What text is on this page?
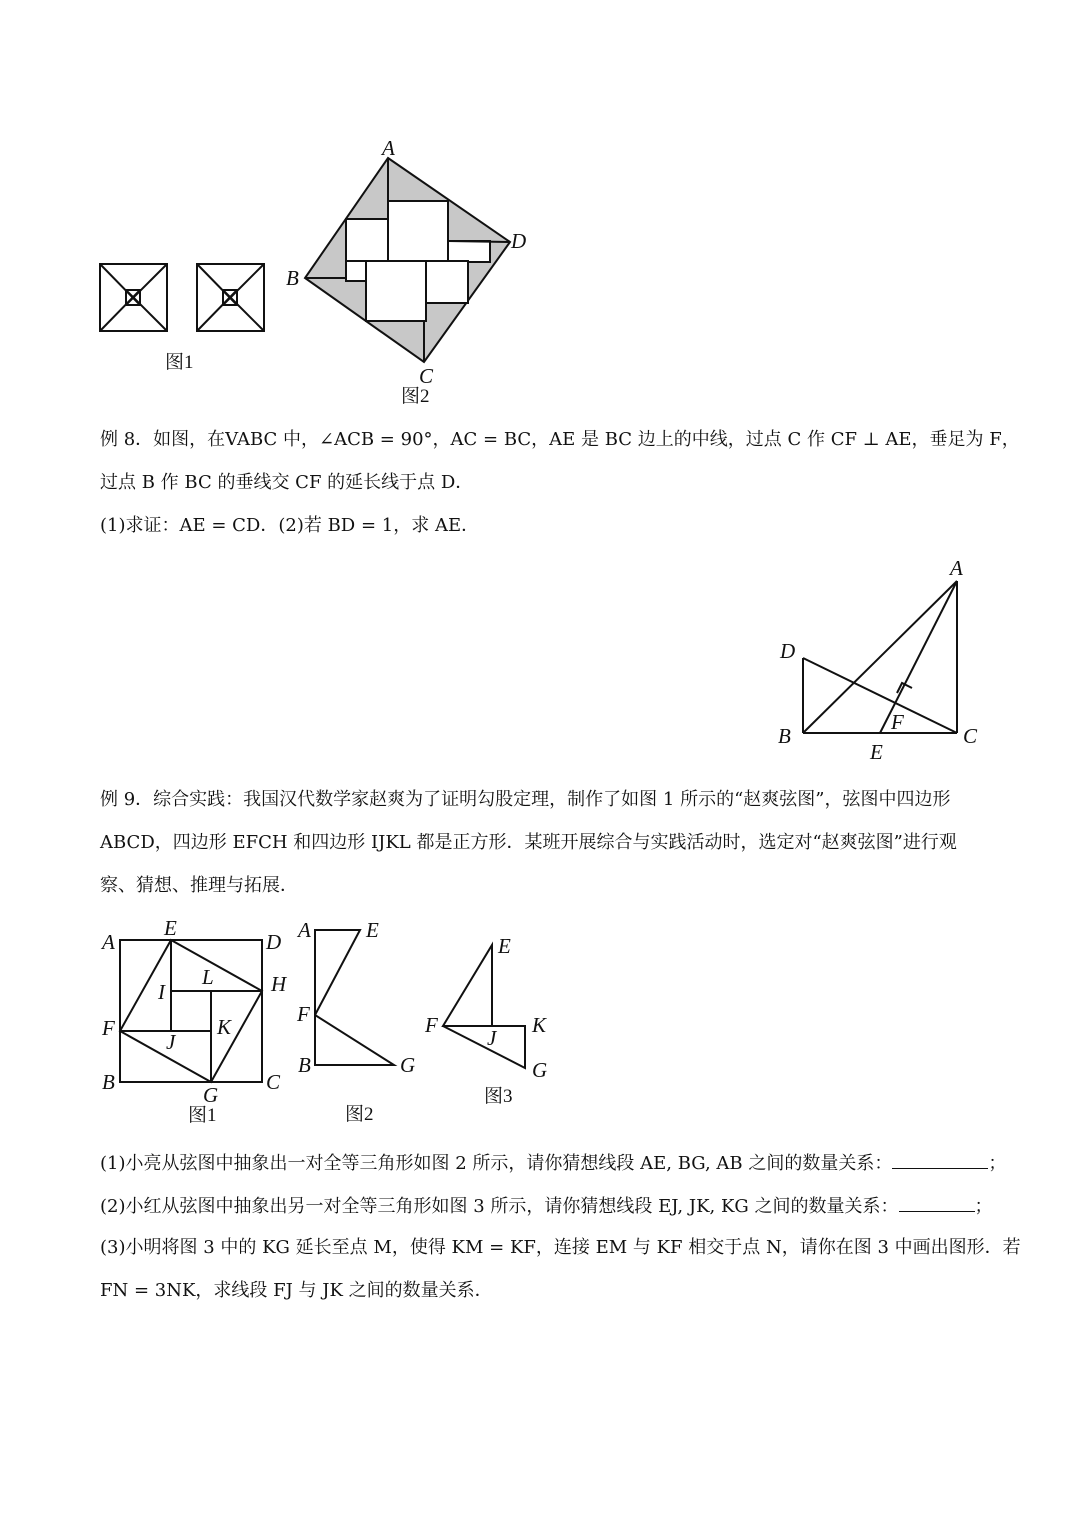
图1
A
D
B
C
图2
例 8．如图，在VABC 中，∠ACB = 90°，AC = BC，AE 是 BC 边上的中线，过点 C 作 CF ⊥ AE，垂足为 F，
过点 B 作 BC 的垂线交 CF 的延长线于点 D．
(1)求证：AE = CD．(2)若 BD = 1，求 AE．
A
D
B	C
E
F
例 9．综合实践：我国汉代数学家赵爽为了证明勾股定理，制作了如图 1 所示的“赵爽弦图”，弦图中四边形
ABCD，四边形 EFCH 和四边形 IJKL 都是正方形．某班开展综合与实践活动时，选定对“赵爽弦图”进行观
察、猜想、推理与拓展．
A
E
D
H
L
I
F	K
J
B
G
C
图1
A	E
F
B	G
图2
E
F	K
J
G
图3
(1)小亮从弦图中抽象出一对全等三角形如图 2 所示，请你猜想线段 AE, BG, AB 之间的数量关系：	；
(2)小红从弦图中抽象出另一对全等三角形如图 3 所示，请你猜想线段 EJ, JK, KG 之间的数量关系：	；
(3)小明将图 3 中的 KG 延长至点 M，使得 KM = KF，连接 EM 与 KF 相交于点 N，请你在图 3 中画出图形．若
FN = 3NK，求线段 FJ 与 JK 之间的数量关系．
